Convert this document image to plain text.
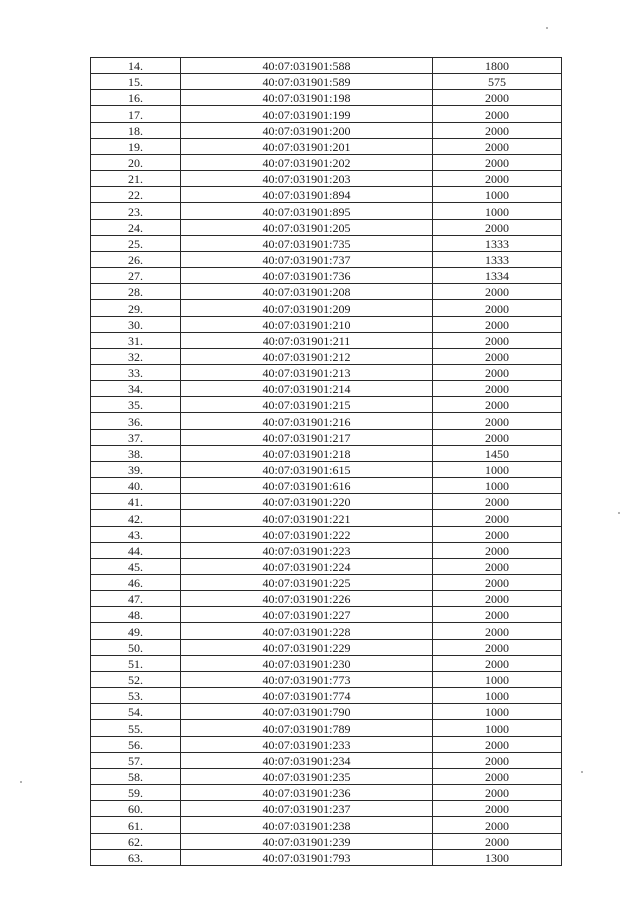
14.	40:07:031901:588	1800
15.	40:07:031901:589	575
16.	40:07:031901:198	2000
17.	40:07:031901:199	2000
18.	40:07:031901:200	2000
19.	40:07:031901:201	2000
20.	40:07:031901:202	2000
21.	40:07:031901:203	2000
22.	40:07:031901:894	1000
23.	40:07:031901:895	1000
24.	40:07:031901:205	2000
25.	40:07:031901:735	1333
26.	40:07:031901:737	1333
27.	40:07:031901:736	1334
28.	40:07:031901:208	2000
29.	40:07:031901:209	2000
30.	40:07:031901:210	2000
31.	40:07:031901:211	2000
32.	40:07:031901:212	2000
33.	40:07:031901:213	2000
34.	40:07:031901:214	2000
35.	40:07:031901:215	2000
36.	40:07:031901:216	2000
37.	40:07:031901:217	2000
38.	40:07:031901:218	1450
39.	40:07:031901:615	1000
40.	40:07:031901:616	1000
41.	40:07:031901:220	2000
42.	40:07:031901:221	2000
43.	40:07:031901:222	2000
44.	40:07:031901:223	2000
45.	40:07:031901:224	2000
46.	40:07:031901:225	2000
47.	40:07:031901:226	2000
48.	40:07:031901:227	2000
49.	40:07:031901:228	2000
50.	40:07:031901:229	2000
51.	40:07:031901:230	2000
52.	40:07:031901:773	1000
53.	40:07:031901:774	1000
54.	40:07:031901:790	1000
55.	40:07:031901:789	1000
56.	40:07:031901:233	2000
57.	40:07:031901:234	2000
58.	40:07:031901:235	2000
59.	40:07:031901:236	2000
60.	40:07:031901:237	2000
61.	40:07:031901:238	2000
62.	40:07:031901:239	2000
63.	40:07:031901:793	1300
